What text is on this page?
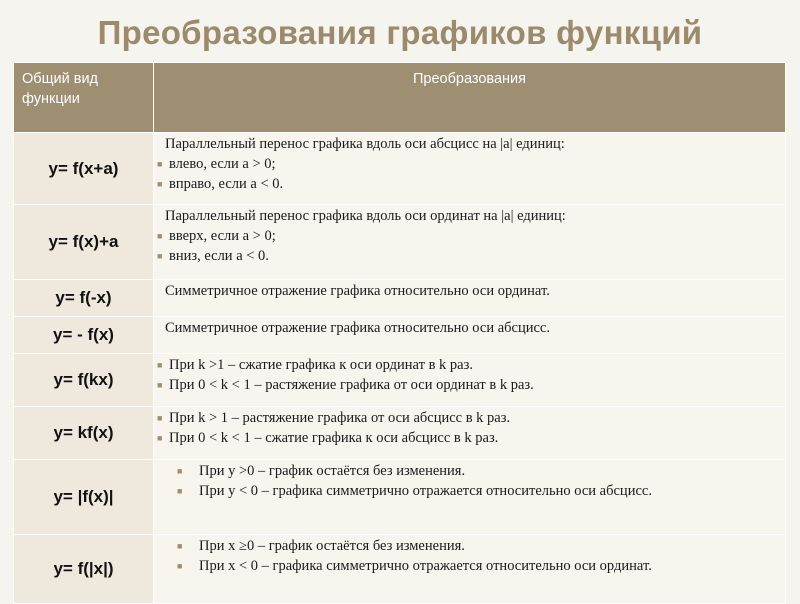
Преобразования графиков функций
Общий вид функции	Преобразования
y= f(x+a)	Параллельный перенос графика вдоль оси абсцисс на |a| единиц:
■ влево, если a > 0;
■ вправо, если a < 0.

y= f(x)+a	Параллельный перенос графика вдоль оси ординат на |a| единиц:
■ вверх, если a > 0;
■ вниз, если a < 0.

y= f(-x)	Симметричное отражение графика относительно оси ординат.

y= - f(x)	Симметричное отражение графика относительно оси абсцисс.

y= f(kx)	■ При k >1 – сжатие графика к оси ординат в k раз.
■ При 0 < k < 1 – растяжение графика от оси ординат в k раз.

y= kf(x)	■ При k > 1 – растяжение графика от оси абсцисс в k раз.
■ При 0 < k < 1 – сжатие графика к оси абсцисс в k раз.

y= |f(x)|	■ При y >0 – график остаётся без изменения.
■ При y < 0 – графика симметрично отражается относительно оси абсцисс.

y= f(|x|)	■ При x ≥0 – график остаётся без изменения.
■ При x < 0 – графика симметрично отражается относительно оси ординат.
